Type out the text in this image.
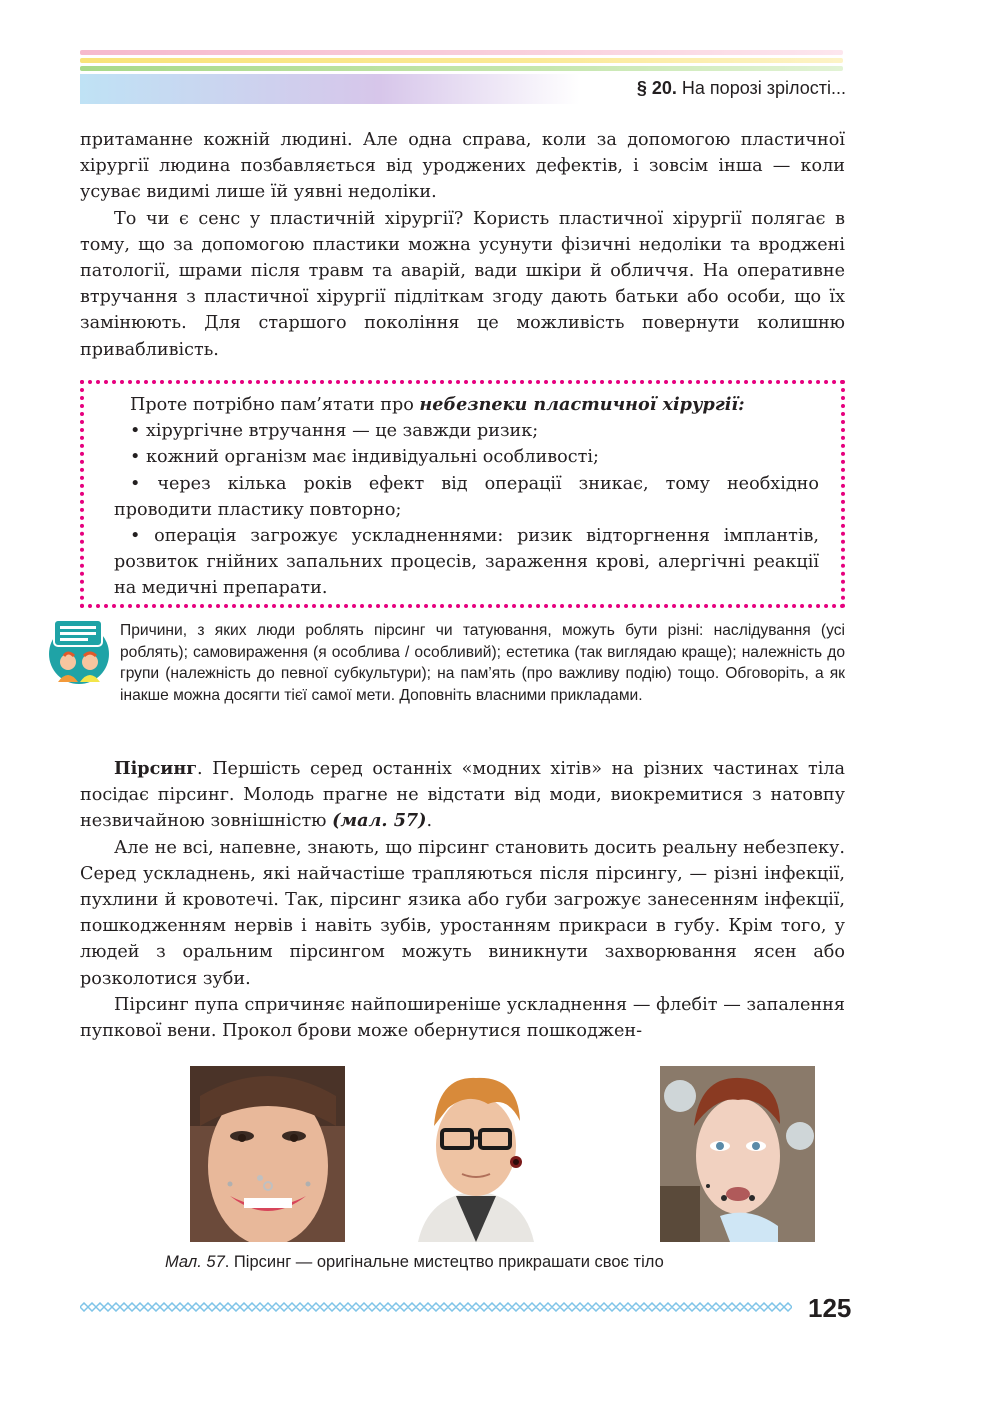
§ 20. На порозі зрілості...

притаманне кожній людині. Але одна справа, коли за допомогою пластичної хірургії людина позбавляється від уроджених дефектів, і зовсім інша — коли усуває видимі лише їй уявні недоліки.

То чи є сенс у пластичній хірургії? Користь пластичної хірургії полягає в тому, що за допомогою пластики можна усунути фізичні недоліки та вроджені патології, шрами після травм та аварій, вади шкіри й обличчя. На оперативне втручання з пластичної хірургії підліткам згоду дають батьки або особи, що їх замінюють. Для старшого покоління це можливість повернути колишню привабливість.

Проте потрібно пам’ятати про небезпеки пластичної хірургії:

• хірургічне втручання — це завжди ризик;

• кожний організм має індивідуальні особливості;

• через кілька років ефект від операції зникає, тому необхідно проводити пластику повторно;

• операція загрожує ускладненнями: ризик відторгнення імплантів, розвиток гнійних запальних процесів, зараження крові, алергічні реакції на медичні препарати.

Причини, з яких люди роблять пірсинг чи татуювання, можуть бути різні: наслідування (усі роблять); самовираження (я особлива / особливий); естетика (так виглядаю краще); належність до групи (належність до певної субкультури); на пам’ять (про важливу подію) тощо. Обговоріть, а як інакше можна досягти тієї самої мети. Доповніть власними прикладами.

Пірсинг. Першість серед останніх «модних хітів» на різних частинах тіла посідає пірсинг. Молодь прагне не відстати від моди, виокремитися з натовпу незвичайною зовнішністю (мал. 57).

Але не всі, напевне, знають, що пірсинг становить досить реальну небезпеку. Серед ускладнень, які найчастіше трапляються після пірсингу, — різні інфекції, пухлини й кровотечі. Так, пірсинг язика або губи загрожує занесенням інфекції, пошкодженням нервів і навіть зубів, уростанням прикраси в губу. Крім того, у людей з оральним пірсингом можуть виникнути захворювання ясен або розколотися зуби.

Пірсинг пупа спричиняє найпоширеніше ускладнення — флебіт — запалення пупкової вени. Прокол брови може обернутися пошкоджен-

Мал. 57. Пірсинг — оригінальне мистецтво прикрашати своє тіло
125
